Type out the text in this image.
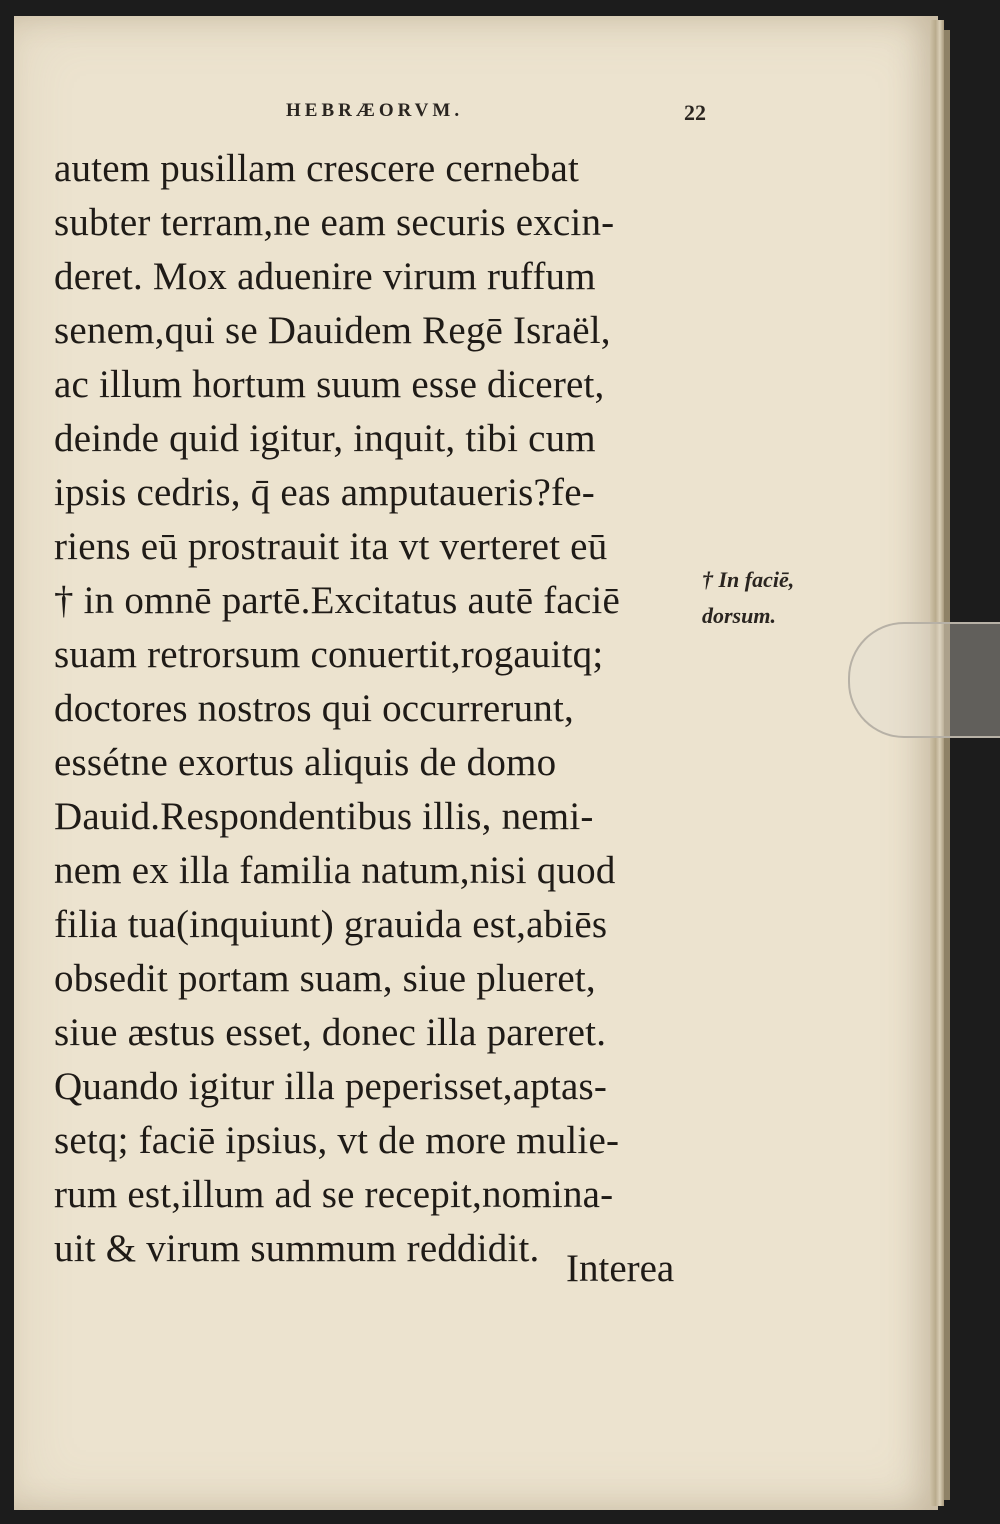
HEBRÆORVM.	22
autem pusillam crescere cernebat
subter terram,ne eam securis excin-
deret. Mox aduenire virum ruffum
senem,qui se Dauidem Regē Israël,
ac illum hortum suum esse diceret,
deinde quid igitur, inquit, tibi cum
ipsis cedris, q̄ eas amputaueris?fe-
riens eū prostrauit ita vt verteret eū
† in omnē partē.Excitatus autē faciē
suam retrorsum conuertit,rogauitq;
doctores nostros qui occurrerunt,
essétne exortus aliquis de domo
Dauid.Respondentibus illis, nemi-
nem ex illa familia natum,nisi quod
filia tua(inquiunt) grauida est,abiēs
obsedit portam suam, siue plueret,
siue æstus esset, donec illa pareret.
Quando igitur illa peperisset,aptas-
setq; faciē ipsius, vt de more mulie-
rum est,illum ad se recepit,nomina-
uit & virum summum reddidit. Interea
† In faciē,
dorsum.
